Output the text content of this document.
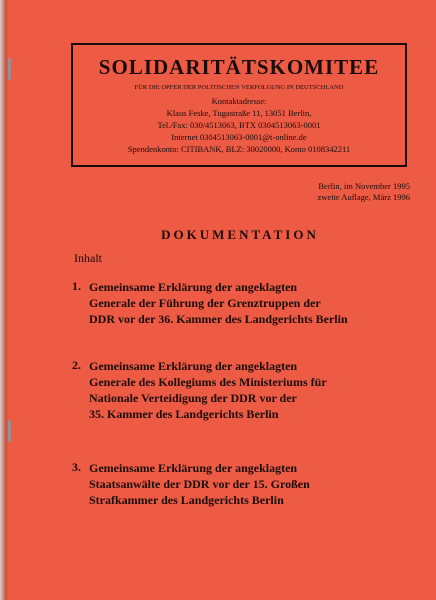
SOLIDARITÄTSKOMITEE
FÜR DIE OPFER DER POLITISCHEN VERFOLGUNG IN DEUTSCHLAND
Kontaktadresse:
Klaus Feske, Tugastraße 11, 13051 Berlin,
Tel./Fax: 030/4513063, BTX 0304513063-0001
Internet 0304513063-0001@t-online.de
Spendenkonto: CITIBANK, BLZ: 30020000, Konto 0108342211
Berlin, im November 1995
zweite Auflage, März 1996
DOKUMENTATION
Inhalt
1. Gemeinsame Erklärung der angeklagten
Generale der Führung der Grenztruppen der
DDR vor der 36. Kammer des Landgerichts Berlin
2. Gemeinsame Erklärung der angeklagten
Generale des Kollegiums des Ministeriums für
Nationale Verteidigung der DDR vor der
35. Kammer des Landgerichts Berlin
3. Gemeinsame Erklärung der angeklagten
Staatsanwälte der DDR vor der 15. Großen
Strafkammer des Landgerichts Berlin
